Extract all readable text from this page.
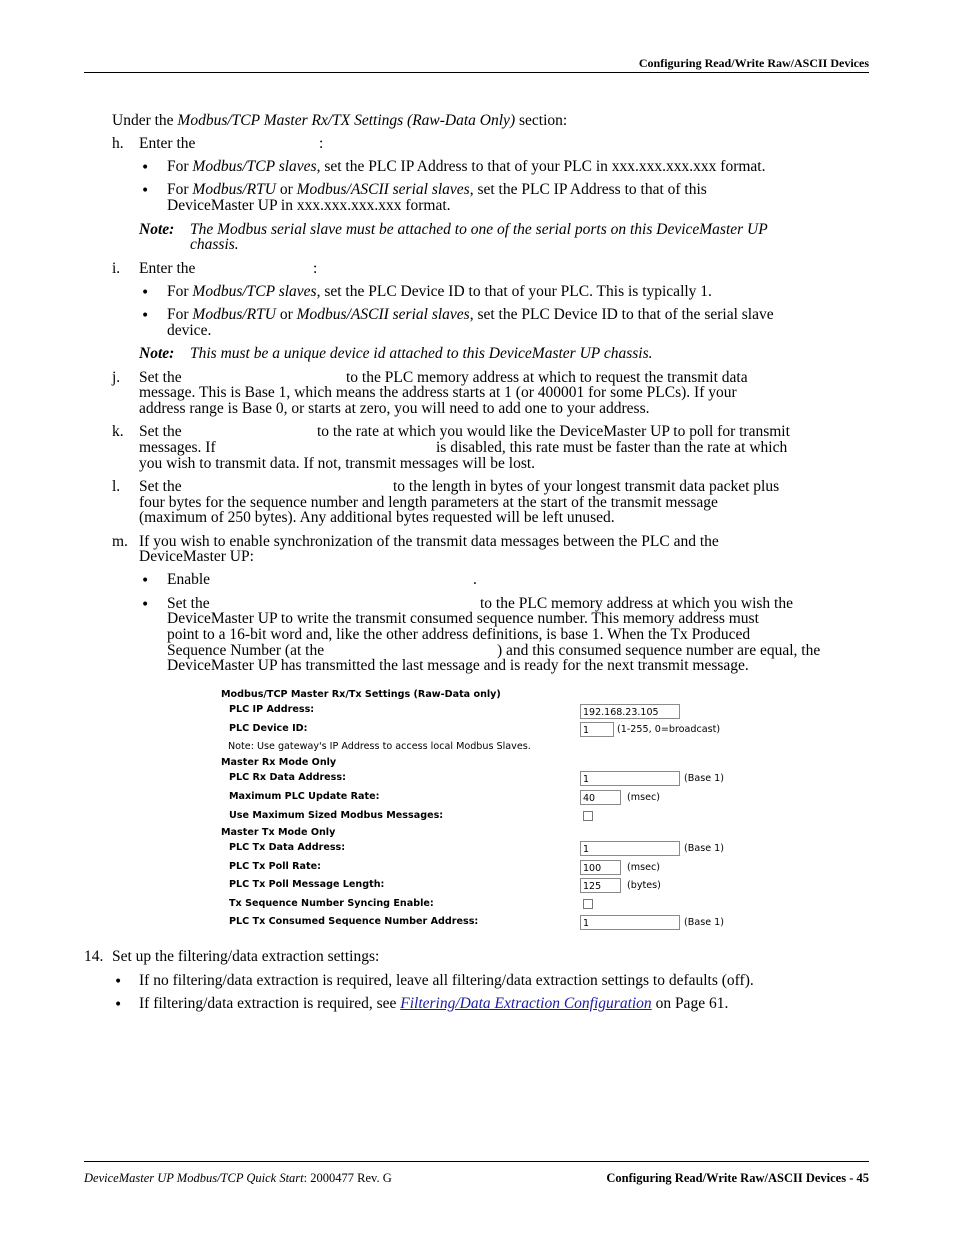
Configuring Read/Write Raw/ASCII Devices
Under the Modbus/TCP Master Rx/TX Settings (Raw-Data Only) section:
h. Enter the	:
• For Modbus/TCP slaves, set the PLC IP Address to that of your PLC in xxx.xxx.xxx.xxx format.
• For Modbus/RTU or Modbus/ASCII serial slaves, set the PLC IP Address to that of this
DeviceMaster UP in xxx.xxx.xxx.xxx format.
Note: The Modbus serial slave must be attached to one of the serial ports on this DeviceMaster UP
chassis.
i. Enter the	:
• For Modbus/TCP slaves, set the PLC Device ID to that of your PLC. This is typically 1.
• For Modbus/RTU or Modbus/ASCII serial slaves, set the PLC Device ID to that of the serial slave
device.
Note: This must be a unique device id attached to this DeviceMaster UP chassis.
j. Set the	to the PLC memory address at which to request the transmit data
message. This is Base 1, which means the address starts at 1 (or 400001 for some PLCs). If your
address range is Base 0, or starts at zero, you will need to add one to your address.
k. Set the	to the rate at which you would like the DeviceMaster UP to poll for transmit
messages. If	is disabled, this rate must be faster than the rate at which
you wish to transmit data. If not, transmit messages will be lost.
l. Set the	to the length in bytes of your longest transmit data packet plus
four bytes for the sequence number and length parameters at the start of the transmit message
(maximum of 250 bytes). Any additional bytes requested will be left unused.
m. If you wish to enable synchronization of the transmit data messages between the PLC and the
DeviceMaster UP:
• Enable	.
• Set the	to the PLC memory address at which you wish the
DeviceMaster UP to write the transmit consumed sequence number. This memory address must
point to a 16-bit word and, like the other address definitions, is base 1. When the Tx Produced
Sequence Number (at the	) and this consumed sequence number are equal, the
DeviceMaster UP has transmitted the last message and is ready for the next transmit message.
Modbus/TCP Master Rx/Tx Settings (Raw-Data only)
PLC IP Address:	192.168.23.105
PLC Device ID:	1	(1-255, 0=broadcast)
Note: Use gateway's IP Address to access local Modbus Slaves.
Master Rx Mode Only
PLC Rx Data Address:	1	(Base 1)
Maximum PLC Update Rate:	40	(msec)
Use Maximum Sized Modbus Messages:
Master Tx Mode Only
PLC Tx Data Address:	1	(Base 1)
PLC Tx Poll Rate:	100	(msec)
PLC Tx Poll Message Length:	125	(bytes)
Tx Sequence Number Syncing Enable:
PLC Tx Consumed Sequence Number Address:	1	(Base 1)
14. Set up the filtering/data extraction settings:
• If no filtering/data extraction is required, leave all filtering/data extraction settings to defaults (off).
• If filtering/data extraction is required, see Filtering/Data Extraction Configuration on Page 61.
DeviceMaster UP Modbus/TCP Quick Start: 2000477 Rev. G	Configuring Read/Write Raw/ASCII Devices - 45
